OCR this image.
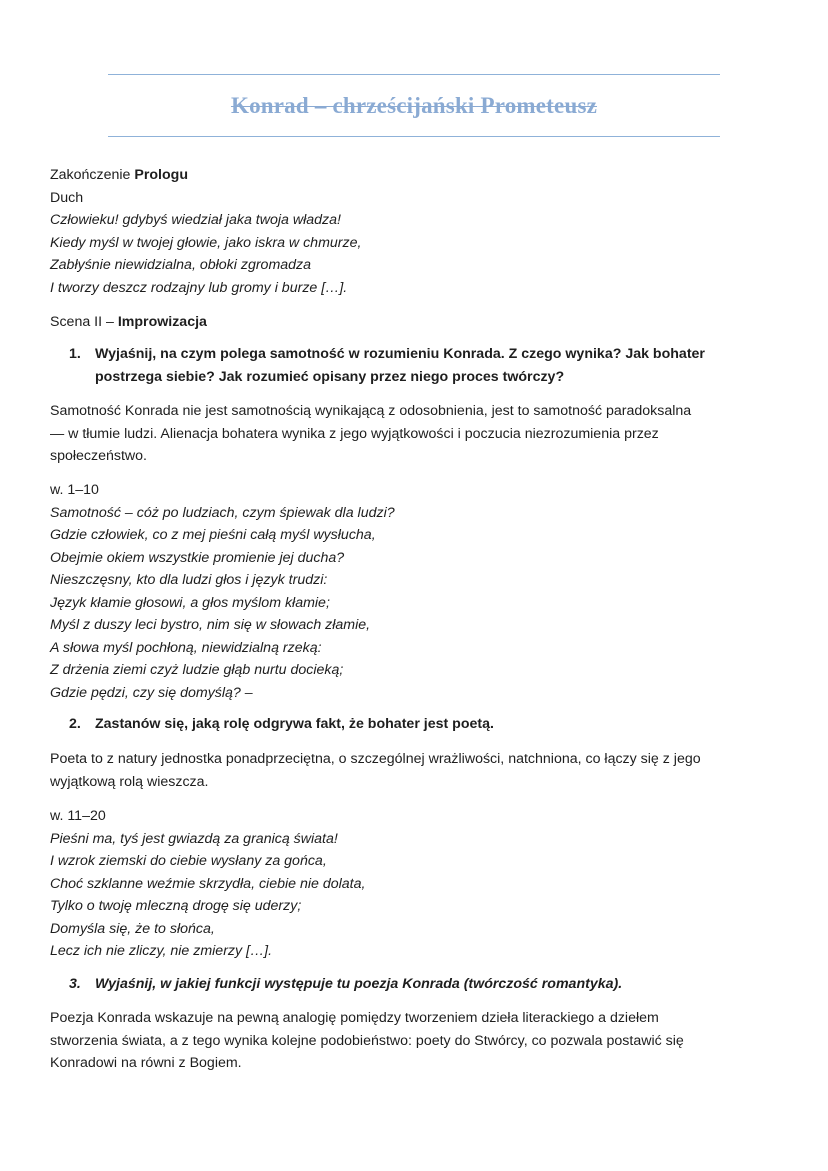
Konrad – chrześcijański Prometeusz
Zakończenie Prologu
Duch
Człowieku! gdybyś wiedział jaka twoja władza!
Kiedy myśl w twojej głowie, jako iskra w chmurze,
Zabłyśnie niewidzialna, obłoki zgromadza
I tworzy deszcz rodzajny lub gromy i burze […].
Scena II – Improwizacja
1. Wyjaśnij, na czym polega samotność w rozumieniu Konrada. Z czego wynika? Jak bohater
postrzega siebie? Jak rozumieć opisany przez niego proces twórczy?
Samotność Konrada nie jest samotnością wynikającą z odosobnienia, jest to samotność paradoksalna
— w tłumie ludzi. Alienacja bohatera wynika z jego wyjątkowości i poczucia niezrozumienia przez
społeczeństwo.
w. 1–10
Samotność – cóż po ludziach, czym śpiewak dla ludzi?
Gdzie człowiek, co z mej pieśni całą myśl wysłucha,
Obejmie okiem wszystkie promienie jej ducha?
Nieszczęsny, kto dla ludzi głos i język trudzi:
Język kłamie głosowi, a głos myślom kłamie;
Myśl z duszy leci bystro, nim się w słowach złamie,
A słowa myśl pochłoną, niewidzialną rzeką:
Z drżenia ziemi czyż ludzie głąb nurtu docieką;
Gdzie pędzi, czy się domyślą? –
2. Zastanów się, jaką rolę odgrywa fakt, że bohater jest poetą.
Poeta to z natury jednostka ponadprzeciętna, o szczególnej wrażliwości, natchniona, co łączy się z jego
wyjątkową rolą wieszcza.
w. 11–20
Pieśni ma, tyś jest gwiazdą za granicą świata!
I wzrok ziemski do ciebie wysłany za gońca,
Choć szklanne weźmie skrzydła, ciebie nie dolata,
Tylko o twoję mleczną drogę się uderzy;
Domyśla się, że to słońca,
Lecz ich nie zliczy, nie zmierzy […].
3. Wyjaśnij, w jakiej funkcji występuje tu poezja Konrada (twórczość romantyka).
Poezja Konrada wskazuje na pewną analogię pomiędzy tworzeniem dzieła literackiego a dziełem
stworzenia świata, a z tego wynika kolejne podobieństwo: poety do Stwórcy, co pozwala postawić się
Konradowi na równi z Bogiem.
